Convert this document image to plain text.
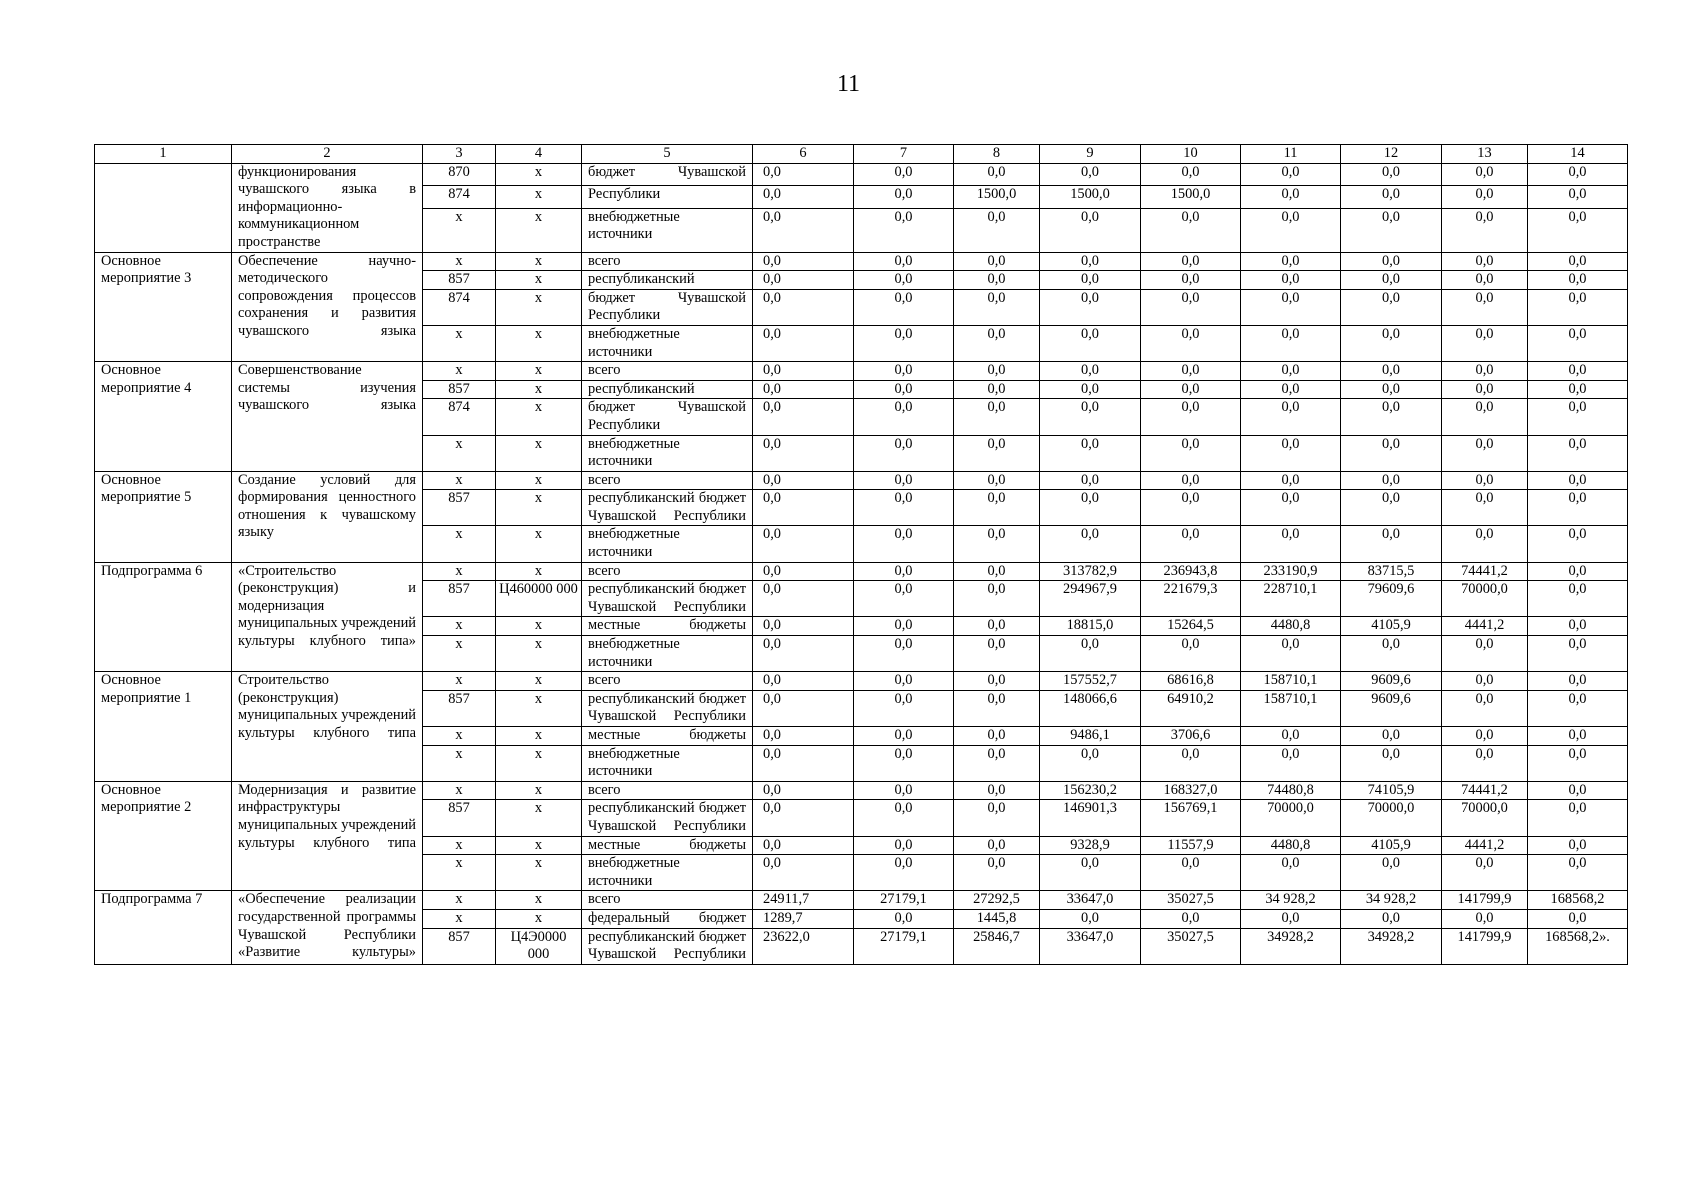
11
1	2	3	4	5	6	7	8	9	10	11	12	13	14
	функционирования чувашского языка в информационно-коммуникационном пространстве	870	х	бюджет Чувашской	0,0	0,0	0,0	0,0	0,0	0,0	0,0	0,0	0,0
		874	х	Республики	0,0	0,0	1500,0	1500,0	1500,0	0,0	0,0	0,0	0,0
		х	х	внебюджетные источники	0,0	0,0	0,0	0,0	0,0	0,0	0,0	0,0	0,0
Основное мероприятие 3	Обеспечение научно-методического сопровождения процессов сохранения и развития чувашского языка	х	х	всего	0,0	0,0	0,0	0,0	0,0	0,0	0,0	0,0	0,0
		857	х	республиканский	0,0	0,0	0,0	0,0	0,0	0,0	0,0	0,0	0,0
		874	х	бюджет Чувашской Республики	0,0	0,0	0,0	0,0	0,0	0,0	0,0	0,0	0,0
		х	х	внебюджетные источники	0,0	0,0	0,0	0,0	0,0	0,0	0,0	0,0	0,0
Основное мероприятие 4	Совершенствование системы изучения чувашского языка	х	х	всего	0,0	0,0	0,0	0,0	0,0	0,0	0,0	0,0	0,0
		857	х	республиканский	0,0	0,0	0,0	0,0	0,0	0,0	0,0	0,0	0,0
		874	х	бюджет Чувашской Республики	0,0	0,0	0,0	0,0	0,0	0,0	0,0	0,0	0,0
		х	х	внебюджетные источники	0,0	0,0	0,0	0,0	0,0	0,0	0,0	0,0	0,0
Основное мероприятие 5	Создание условий для формирования ценностного отношения к чувашскому языку	х	х	всего	0,0	0,0	0,0	0,0	0,0	0,0	0,0	0,0	0,0
		857	х	республиканский бюджет Чувашской Республики	0,0	0,0	0,0	0,0	0,0	0,0	0,0	0,0	0,0
		х	х	внебюджетные источники	0,0	0,0	0,0	0,0	0,0	0,0	0,0	0,0	0,0
Подпрограмма 6	«Строительство (реконструкция) и модернизация муниципальных учреждений культуры клубного типа»	х	х	всего	0,0	0,0	0,0	313782,9	236943,8	233190,9	83715,5	74441,2	0,0
		857	Ц460000 000	республиканский бюджет Чувашской Республики	0,0	0,0	0,0	294967,9	221679,3	228710,1	79609,6	70000,0	0,0
		х	х	местные бюджеты	0,0	0,0	0,0	18815,0	15264,5	4480,8	4105,9	4441,2	0,0
		х	х	внебюджетные источники	0,0	0,0	0,0	0,0	0,0	0,0	0,0	0,0	0,0
Основное мероприятие 1	Строительство (реконструкция) муниципальных учреждений культуры клубного типа	х	х	всего	0,0	0,0	0,0	157552,7	68616,8	158710,1	9609,6	0,0	0,0
		857	х	республиканский бюджет Чувашской Республики	0,0	0,0	0,0	148066,6	64910,2	158710,1	9609,6	0,0	0,0
		х	х	местные бюджеты	0,0	0,0	0,0	9486,1	3706,6	0,0	0,0	0,0	0,0
		х	х	внебюджетные источники	0,0	0,0	0,0	0,0	0,0	0,0	0,0	0,0	0,0
Основное мероприятие 2	Модернизация и развитие инфраструктуры муниципальных учреждений культуры клубного типа	х	х	всего	0,0	0,0	0,0	156230,2	168327,0	74480,8	74105,9	74441,2	0,0
		857	х	республиканский бюджет Чувашской Республики	0,0	0,0	0,0	146901,3	156769,1	70000,0	70000,0	70000,0	0,0
		х	х	местные бюджеты	0,0	0,0	0,0	9328,9	11557,9	4480,8	4105,9	4441,2	0,0
		х	х	внебюджетные источники	0,0	0,0	0,0	0,0	0,0	0,0	0,0	0,0	0,0
Подпрограмма 7	«Обеспечение реализации государственной программы Чувашской Республики «Развитие культуры»	х	х	всего	24911,7	27179,1	27292,5	33647,0	35027,5	34 928,2	34 928,2	141799,9	168568,2
		х	х	федеральный бюджет	1289,7	0,0	1445,8	0,0	0,0	0,0	0,0	0,0	0,0
		857	Ц4Э0000 000	республиканский бюджет Чувашской Республики	23622,0	27179,1	25846,7	33647,0	35027,5	34928,2	34928,2	141799,9	168568,2».
